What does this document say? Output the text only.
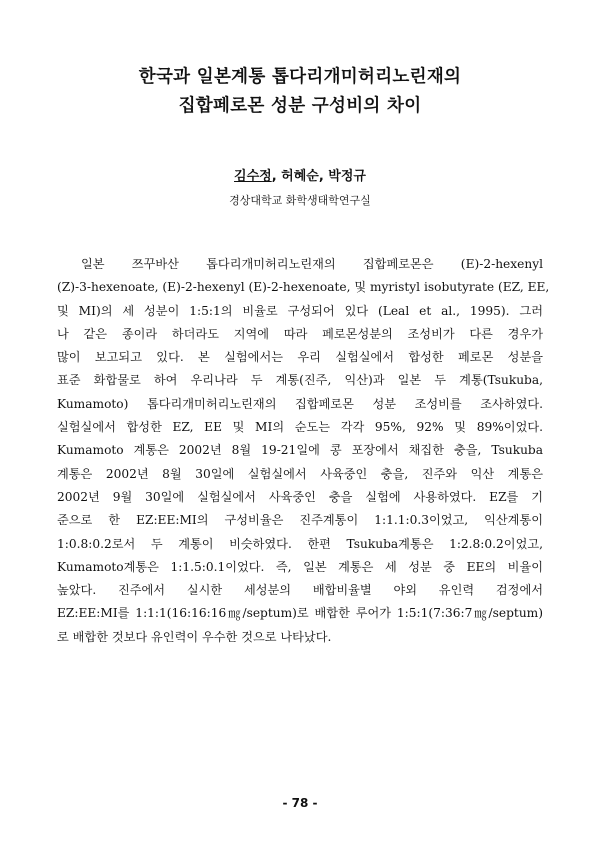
한국과 일본계통 톱다리개미허리노린재의
집합페로몬 성분 구성비의 차이
김수정, 허혜순, 박정규
경상대학교 화학생태학연구실
일본 쯔꾸바산 톱다리개미허리노린재의 집합페로몬은 (E)-2-hexenyl
(Z)-3-hexenoate, (E)-2-hexenyl (E)-2-hexenoate, 및 myristyl isobutyrate (EZ, EE,
및 MI)의 세 성분이 1:5:1의 비율로 구성되어 있다 (Leal et al., 1995). 그러
나 같은 종이라 하더라도 지역에 따라 페로몬성분의 조성비가 다른 경우가
많이 보고되고 있다. 본 실험에서는 우리 실험실에서 합성한 페로몬 성분을
표준 화합물로 하여 우리나라 두 계통(진주, 익산)과 일본 두 계통(Tsukuba,
Kumamoto) 톱다리개미허리노린재의 집합페로몬 성분 조성비를 조사하였다.
실험실에서 합성한 EZ, EE 및 MI의 순도는 각각 95%, 92% 및 89%이었다.
Kumamoto 계통은 2002년 8월 19-21일에 콩 포장에서 채집한 충을, Tsukuba
계통은 2002년 8월 30일에 실험실에서 사육중인 충을, 진주와 익산 계통은
2002년 9월 30일에 실험실에서 사육중인 충을 실험에 사용하였다. EZ를 기
준으로 한 EZ:EE:MI의 구성비율은 진주계통이 1:1.1:0.3이었고, 익산계통이
1:0.8:0.2로서 두 계통이 비슷하였다. 한편 Tsukuba계통은 1:2.8:0.2이었고,
Kumamoto계통은 1:1.5:0.1이었다. 즉, 일본 계통은 세 성분 중 EE의 비율이
높았다. 진주에서 실시한 세성분의 배합비율별 야외 유인력 검정에서
EZ:EE:MI를 1:1:1(16:16:16㎎/septum)로 배합한 루어가 1:5:1(7:36:7㎎/septum)
로 배합한 것보다 유인력이 우수한 것으로 나타났다.
- 78 -
